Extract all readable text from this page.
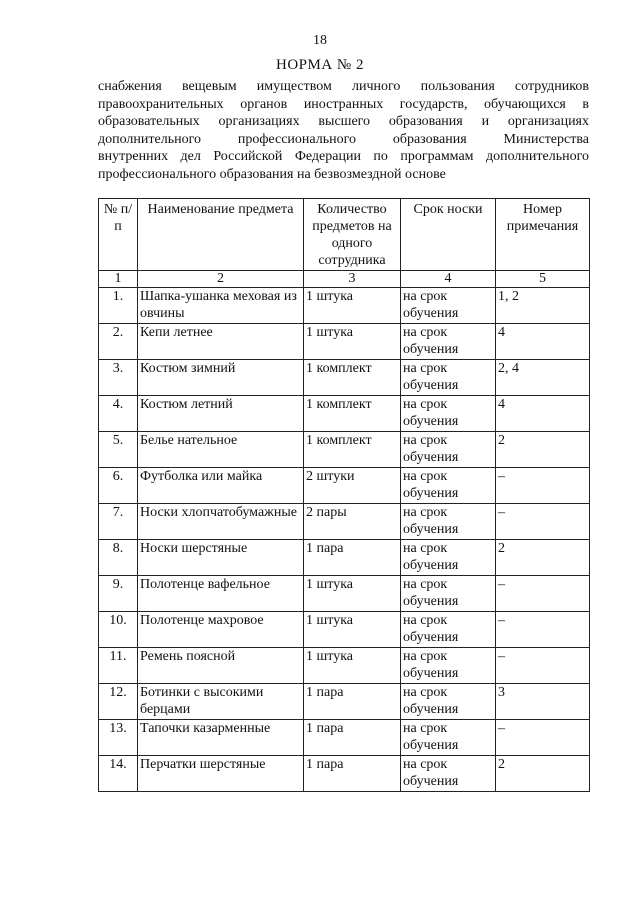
18
НОРМА № 2
снабжения вещевым имуществом личного пользования сотрудников
правоохранительных органов иностранных государств, обучающихся в
образовательных организациях высшего образования и организациях
дополнительного профессионального образования Министерства
внутренних дел Российской Федерации по программам дополнительного
профессионального образования на безвозмездной основе
№ п/п	Наименование предмета	Количество предметов на одного сотрудника	Срок носки	Номер примечания
1	2	3	4	5
1.	Шапка-ушанка меховая из овчины	1 штука	на срок обучения	1, 2
2.	Кепи летнее	1 штука	на срок обучения	4
3.	Костюм зимний	1 комплект	на срок обучения	2, 4
4.	Костюм летний	1 комплект	на срок обучения	4
5.	Белье нательное	1 комплект	на срок обучения	2
6.	Футболка или майка	2 штуки	на срок обучения	–
7.	Носки хлопчатобумажные	2 пары	на срок обучения	–
8.	Носки шерстяные	1 пара	на срок обучения	2
9.	Полотенце вафельное	1 штука	на срок обучения	–
10.	Полотенце махровое	1 штука	на срок обучения	–
11.	Ремень поясной	1 штука	на срок обучения	–
12.	Ботинки с высокими берцами	1 пара	на срок обучения	3
13.	Тапочки казарменные	1 пара	на срок обучения	–
14.	Перчатки шерстяные	1 пара	на срок обучения	2
